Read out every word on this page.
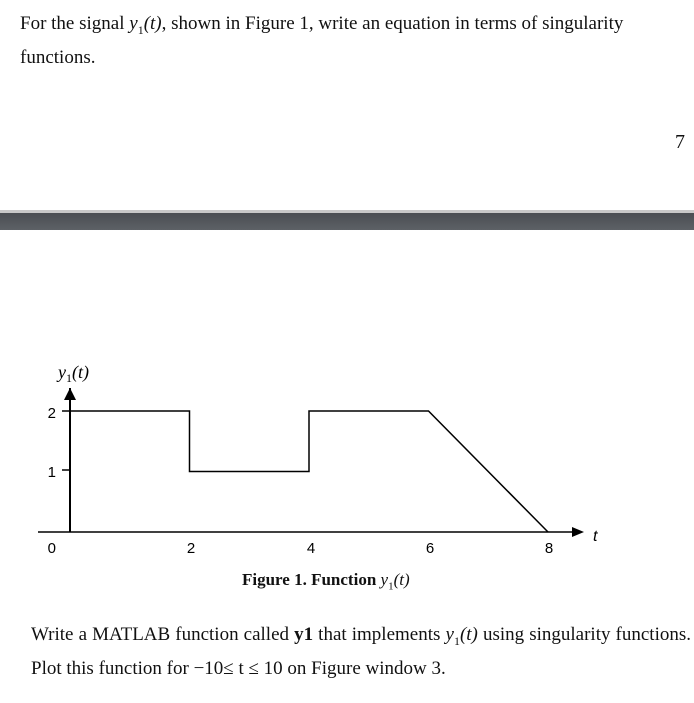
For the signal $y_1(t)$, shown in Figure 1, write an equation in terms of singularity functions.
7
$y_1(t)$
2
1
0	2	4	6	8
t
Figure 1. Function $y_1(t)$
Write a MATLAB function called y1 that implements $y_1(t)$ using singularity functions. Plot this function for −10≤ t ≤ 10 on Figure window 3.
